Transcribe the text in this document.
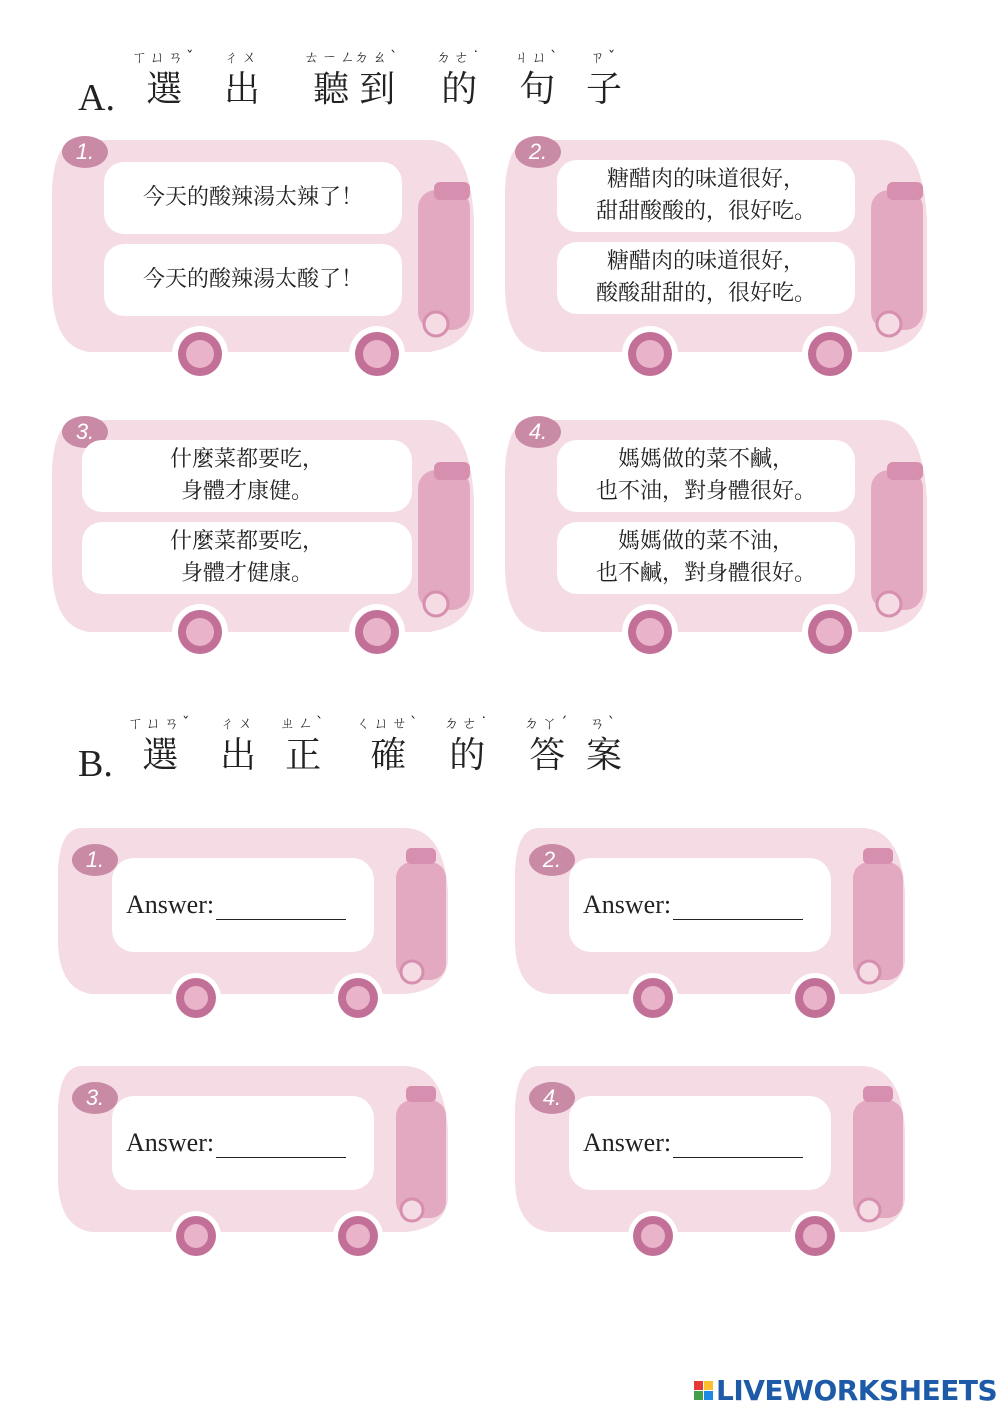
A.
ㄒㄩㄢˇ
選
ㄔㄨ
出
ㄊㄧㄥ
聽
ㄉㄠˋ
到
ㄉㄜ˙
的
ㄐㄩˋ
句
ㄗˇ
子
1.
今天的酸辣湯太辣了！
今天的酸辣湯太酸了！
2.
糖醋肉的味道很好，
甜甜酸酸的，很好吃。
糖醋肉的味道很好，
酸酸甜甜的，很好吃。
3.
什麼菜都要吃，
身體才康健。
什麼菜都要吃，
身體才健康。
4.
媽媽做的菜不鹹，
也不油，對身體很好。
媽媽做的菜不油，
也不鹹，對身體很好。
B.
ㄒㄩㄢˇ
選
ㄔㄨ
出
ㄓㄥˋ
正
ㄑㄩㄝˋ
確
ㄉㄜ˙
的
ㄉㄚˊ
答
ㄢˋ
案
1.
Answer:
2.
Answer:
3.
Answer:
4.
Answer:
LIVEWORKSHEETS
